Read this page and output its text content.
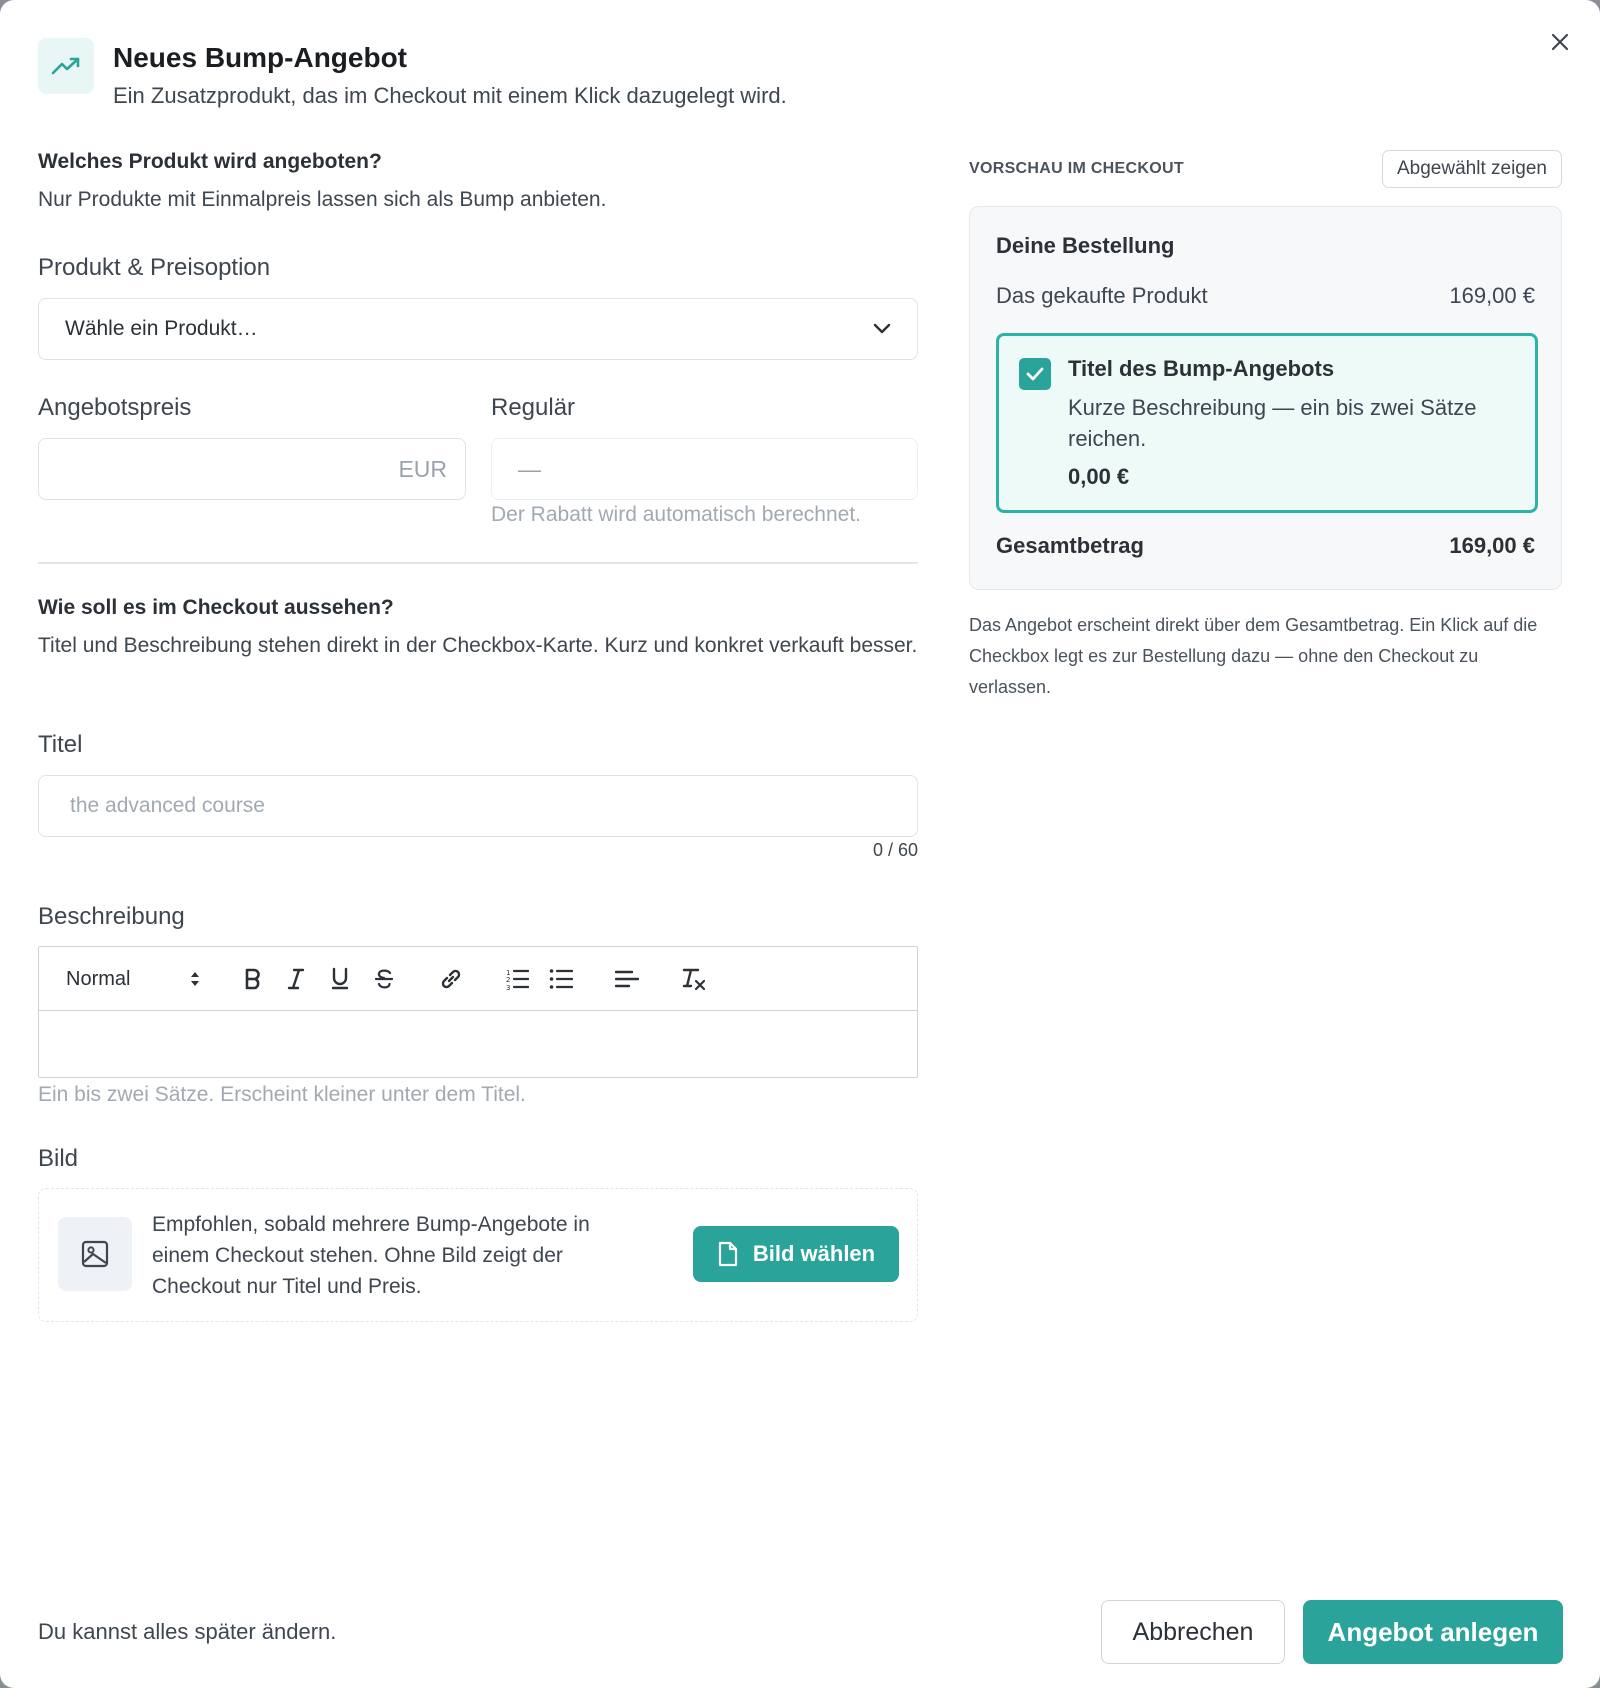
Neues Bump-Angebot
Ein Zusatzprodukt, das im Checkout mit einem Klick dazugelegt wird.
Welches Produkt wird angeboten?
Nur Produkte mit Einmalpreis lassen sich als Bump anbieten.
Produkt & Preisoption
Wähle ein Produkt…
Angebotspreis
EUR
Regulär
—
Der Rabatt wird automatisch berechnet.
Wie soll es im Checkout aussehen?
Titel und Beschreibung stehen direkt in der Checkbox-Karte. Kurz und konkret verkauft besser.
Titel
the advanced course
0 / 60
Beschreibung
Normal	1
2
3
Ein bis zwei Sätze. Erscheint kleiner unter dem Titel.
Bild
Empfohlen, sobald mehrere Bump-Angebote in einem Checkout stehen. Ohne Bild zeigt der Checkout nur Titel und Preis.
Bild wählen
VORSCHAU IM CHECKOUT	Abgewählt zeigen
Deine Bestellung
Das gekaufte Produkt	169,00 €
Titel des Bump-Angebots
Kurze Beschreibung — ein bis zwei Sätze reichen.
0,00 €
Gesamtbetrag	169,00 €
Das Angebot erscheint direkt über dem Gesamtbetrag. Ein Klick auf die Checkbox legt es zur Bestellung dazu — ohne den Checkout zu verlassen.
Du kannst alles später ändern.	Abbrechen	Angebot anlegen
